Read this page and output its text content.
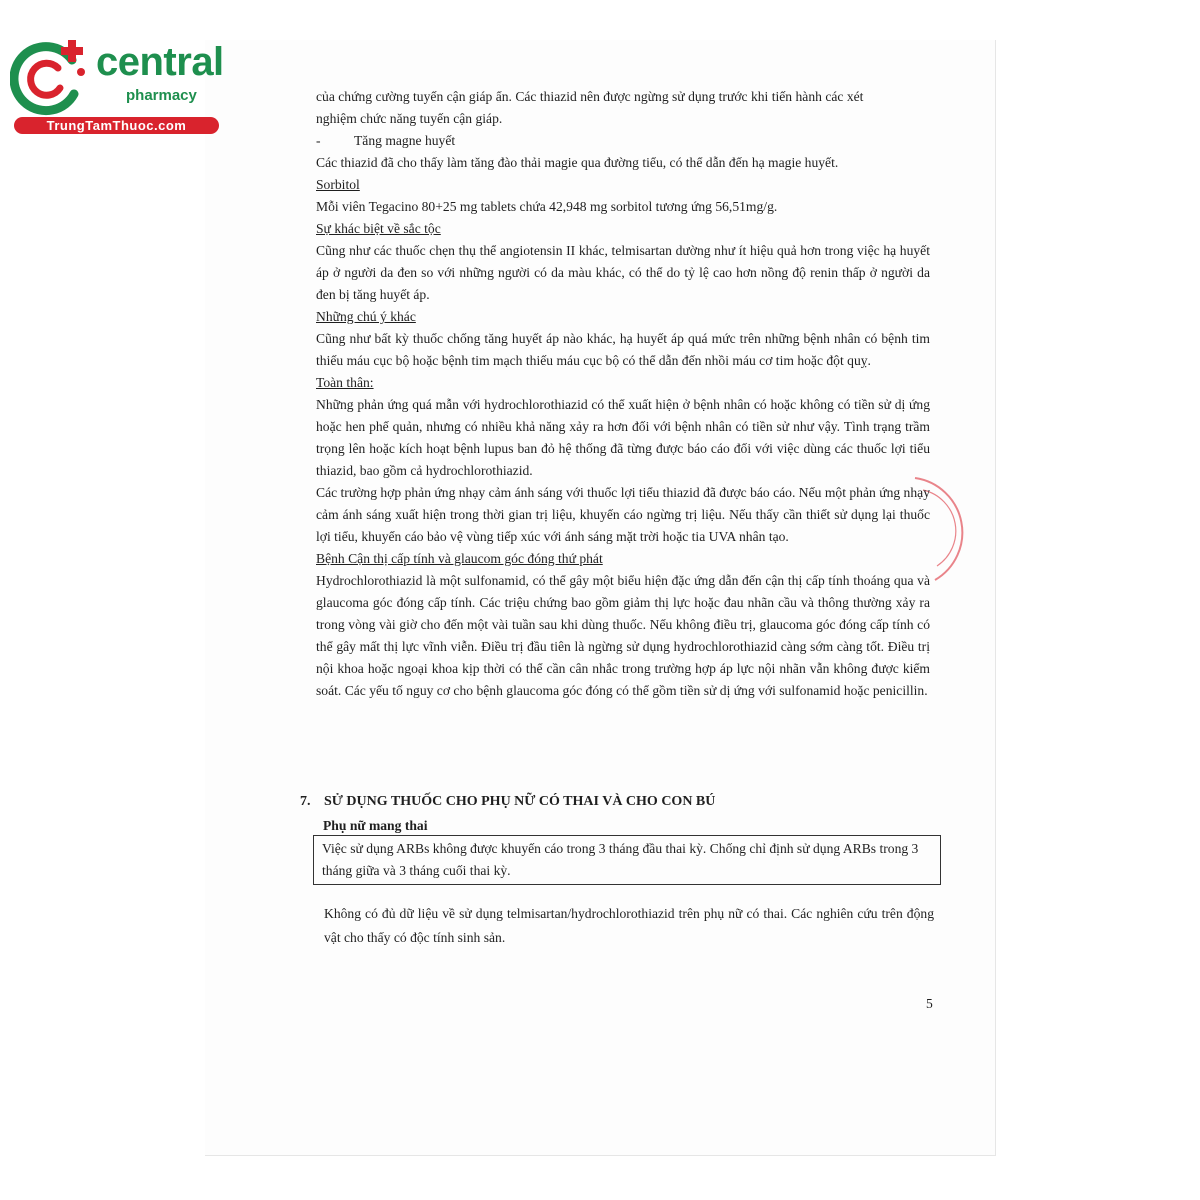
central
pharmacy
TrungTamThuoc.com

của chứng cường tuyến cận giáp ẩn. Các thiazid nên được ngừng sử dụng trước khi tiến hành các xét

nghiệm chức năng tuyến cận giáp.

- Tăng magne huyết

Các thiazid đã cho thấy làm tăng đào thải magie qua đường tiểu, có thể dẫn đến hạ magie huyết.

Sorbitol

Mỗi viên Tegacino 80+25 mg tablets chứa 42,948 mg sorbitol tương ứng 56,51mg/g.

Sự khác biệt về sắc tộc

Cũng như các thuốc chẹn thụ thể angiotensin II khác, telmisartan dường như ít hiệu quả hơn trong việc hạ huyết áp ở người da đen so với những người có da màu khác, có thể do tỷ lệ cao hơn nồng độ renin thấp ở người da đen bị tăng huyết áp.

Những chú ý khác

Cũng như bất kỳ thuốc chống tăng huyết áp nào khác, hạ huyết áp quá mức trên những bệnh nhân có bệnh tim thiếu máu cục bộ hoặc bệnh tim mạch thiếu máu cục bộ có thể dẫn đến nhồi máu cơ tim hoặc đột quỵ.

Toàn thân:

Những phản ứng quá mẫn với hydrochlorothiazid có thể xuất hiện ở bệnh nhân có hoặc không có tiền sử dị ứng hoặc hen phế quản, nhưng có nhiều khả năng xảy ra hơn đối với bệnh nhân có tiền sử như vậy. Tình trạng trầm trọng lên hoặc kích hoạt bệnh lupus ban đỏ hệ thống đã từng được báo cáo đối với việc dùng các thuốc lợi tiểu thiazid, bao gồm cả hydrochlorothiazid.

Các trường hợp phản ứng nhạy cảm ánh sáng với thuốc lợi tiểu thiazid đã được báo cáo. Nếu một phản ứng nhạy cảm ánh sáng xuất hiện trong thời gian trị liệu, khuyến cáo ngừng trị liệu. Nếu thấy cần thiết sử dụng lại thuốc lợi tiểu, khuyến cáo bảo vệ vùng tiếp xúc với ánh sáng mặt trời hoặc tia UVA nhân tạo.

Bệnh Cận thị cấp tính và glaucom góc đóng thứ phát

Hydrochlorothiazid là một sulfonamid, có thể gây một biểu hiện đặc ứng dẫn đến cận thị cấp tính thoáng qua và glaucoma góc đóng cấp tính. Các triệu chứng bao gồm giảm thị lực hoặc đau nhãn cầu và thông thường xảy ra trong vòng vài giờ cho đến một vài tuần sau khi dùng thuốc. Nếu không điều trị, glaucoma góc đóng cấp tính có thể gây mất thị lực vĩnh viễn. Điều trị đầu tiên là ngừng sử dụng hydrochlorothiazid càng sớm càng tốt. Điều trị nội khoa hoặc ngoại khoa kịp thời có thể cần cân nhắc trong trường hợp áp lực nội nhãn vẫn không được kiểm soát. Các yếu tố nguy cơ cho bệnh glaucoma góc đóng có thể gồm tiền sử dị ứng với sulfonamid hoặc penicillin.

7. SỬ DỤNG THUỐC CHO PHỤ NỮ CÓ THAI VÀ CHO CON BÚ
Phụ nữ mang thai
Việc sử dụng ARBs không được khuyến cáo trong 3 tháng đầu thai kỳ. Chống chỉ định sử dụng ARBs trong 3 tháng giữa và 3 tháng cuối thai kỳ.
Không có đủ dữ liệu về sử dụng telmisartan/hydrochlorothiazid trên phụ nữ có thai. Các nghiên cứu trên động vật cho thấy có độc tính sinh sản.
5
